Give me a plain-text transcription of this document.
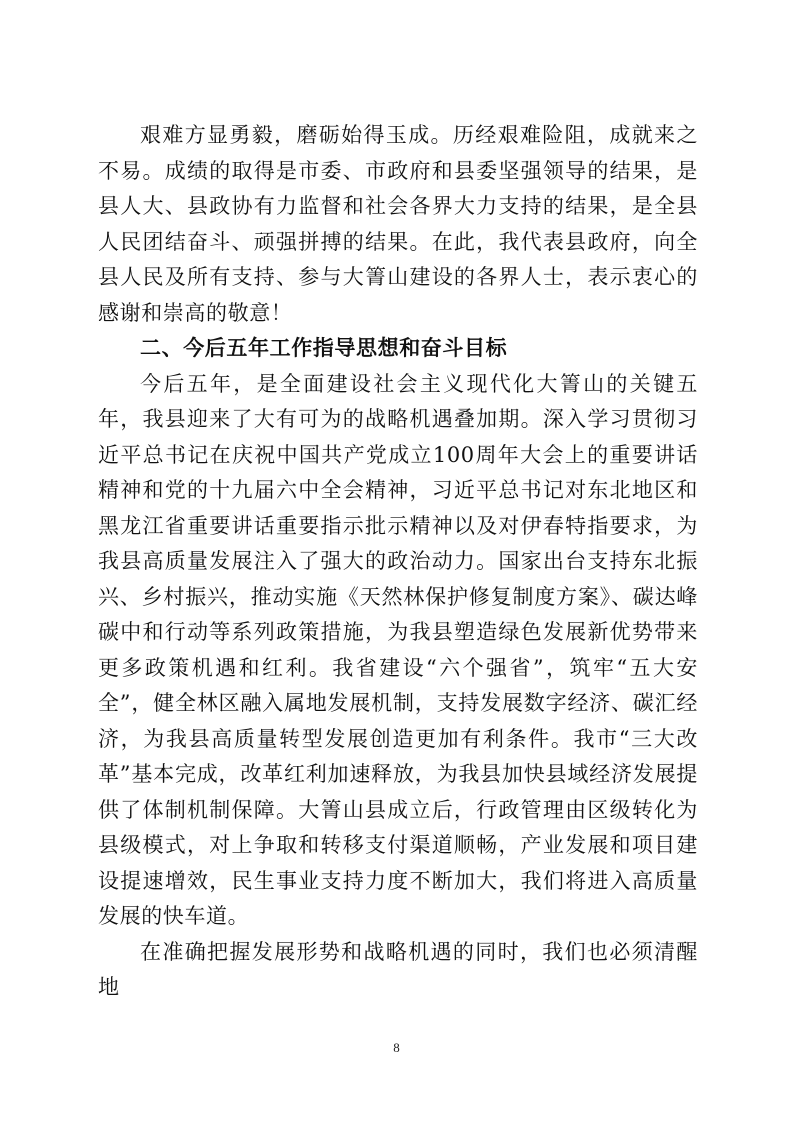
艰难方显勇毅，磨砺始得玉成。历经艰难险阻，成就来之不易。成绩的取得是市委、市政府和县委坚强领导的结果，是县人大、县政协有力监督和社会各界大力支持的结果，是全县人民团结奋斗、顽强拼搏的结果。在此，我代表县政府，向全县人民及所有支持、参与大箐山建设的各界人士，表示衷心的感谢和崇高的敬意！

二、今后五年工作指导思想和奋斗目标

今后五年，是全面建设社会主义现代化大箐山的关键五年，我县迎来了大有可为的战略机遇叠加期。深入学习贯彻习近平总书记在庆祝中国共产党成立100周年大会上的重要讲话精神和党的十九届六中全会精神，习近平总书记对东北地区和黑龙江省重要讲话重要指示批示精神以及对伊春特指要求，为我县高质量发展注入了强大的政治动力。国家出台支持东北振兴、乡村振兴，推动实施《天然林保护修复制度方案》、碳达峰碳中和行动等系列政策措施，为我县塑造绿色发展新优势带来更多政策机遇和红利。我省建设“六个强省”，筑牢“五大安全”，健全林区融入属地发展机制，支持发展数字经济、碳汇经济，为我县高质量转型发展创造更加有利条件。我市“三大改革”基本完成，改革红利加速释放，为我县加快县域经济发展提供了体制机制保障。大箐山县成立后，行政管理由区级转化为县级模式，对上争取和转移支付渠道顺畅，产业发展和项目建设提速增效，民生事业支持力度不断加大，我们将进入高质量发展的快车道。

在准确把握发展形势和战略机遇的同时，我们也必须清醒地

8
